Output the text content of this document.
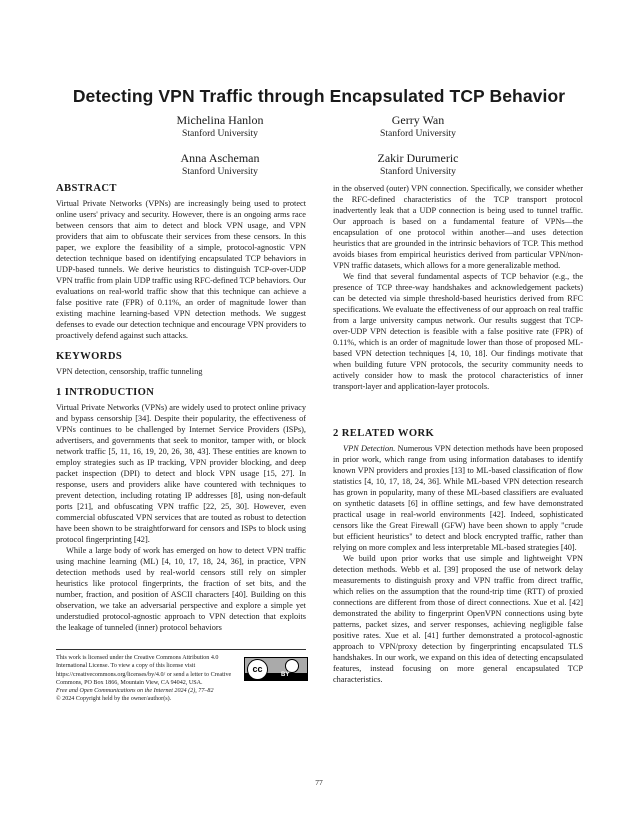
Detecting VPN Traffic through Encapsulated TCP Behavior
Michelina Hanlon
Stanford University
Gerry Wan
Stanford University
Anna Ascheman
Stanford University
Zakir Durumeric
Stanford University
ABSTRACT

Virtual Private Networks (VPNs) are increasingly being used to protect online users' privacy and security. However, there is an ongoing arms race between censors that aim to detect and block VPN usage, and VPN providers that aim to obfuscate their services from these censors. In this paper, we explore the feasibility of a simple, protocol-agnostic VPN detection technique based on identifying encapsulated TCP behaviors in UDP-based tunnels. We derive heuristics to distinguish TCP-over-UDP VPN traffic from plain UDP traffic using RFC-defined TCP behaviors. Our evaluations on real-world traffic show that this technique can achieve a false positive rate (FPR) of 0.11%, an order of magnitude lower than existing machine learning-based VPN detection methods. We suggest defenses to evade our detection technique and encourage VPN providers to proactively defend against such attacks.

KEYWORDS

VPN detection, censorship, traffic tunneling

1 INTRODUCTION

Virtual Private Networks (VPNs) are widely used to protect online privacy and bypass censorship [34]. Despite their popularity, the effectiveness of VPNs continues to be challenged by Internet Service Providers (ISPs), advertisers, and governments that seek to monitor, tamper with, or block network traffic [5, 11, 16, 19, 20, 26, 38, 43]. These entities are known to employ strategies such as IP tracking, VPN provider blocking, and deep packet inspection (DPI) to detect and block VPN usage [15, 27]. In response, users and providers alike have countered with techniques to prevent detection, including rotating IP addresses [8], using non-default ports [21], and obfuscating VPN traffic [22, 25, 30]. However, even commercial obfuscated VPN services that are touted as robust to detection have been shown to be straightforward for censors and ISPs to block using protocol fingerprinting [42].

While a large body of work has emerged on how to detect VPN traffic using machine learning (ML) [4, 10, 17, 18, 24, 36], in practice, VPN detection methods used by real-world censors still rely on simpler heuristics like protocol fingerprints, the fraction of set bits, and the number, fraction, and position of ASCII characters [40]. Building on this observation, we take an adversarial perspective and explore a simple yet understudied protocol-agnostic approach to VPN detection that exploits the leakage of tunneled (inner) protocol behaviors

in the observed (outer) VPN connection. Specifically, we consider whether the RFC-defined characteristics of the TCP transport protocol inadvertently leak that a UDP connection is being used to tunnel traffic. Our approach is based on a fundamental feature of VPNs—the encapsulation of one protocol within another—and uses detection heuristics that are grounded in the intrinsic behaviors of TCP. This method avoids biases from empirical heuristics derived from particular VPN/non-VPN traffic datasets, which allows for a more generalizable method.

We find that several fundamental aspects of TCP behavior (e.g., the presence of TCP three-way handshakes and acknowledgement packets) can be detected via simple threshold-based heuristics derived from RFC specifications. We evaluate the effectiveness of our approach on real traffic from a large university campus network. Our results suggest that TCP-over-UDP VPN detection is feasible with a false positive rate (FPR) of 0.11%, which is an order of magnitude lower than those of proposed ML-based VPN detection techniques [4, 10, 18]. Our findings motivate that when building future VPN protocols, the security community needs to actively consider how to mask the protocol characteristics of inner transport-layer and application-layer protocols.

2 RELATED WORK

VPN Detection. Numerous VPN detection methods have been proposed in prior work, which range from using information databases to identify known VPN providers and proxies [13] to ML-based classification of flow statistics [4, 10, 17, 18, 24, 36]. While ML-based VPN detection research has grown in popularity, many of these ML-based classifiers are evaluated on synthetic datasets [6] in offline settings, and few have demonstrated practical usage in real-world environments [42]. Indeed, sophisticated censors like the Great Firewall (GFW) have been shown to apply "crude but efficient heuristics" to detect and block encrypted traffic, rather than relying on more complex and less interpretable ML-based strategies [40].

We build upon prior works that use simple and lightweight VPN detection methods. Webb et al. [39] proposed the use of network delay measurements to distinguish proxy and VPN traffic from direct traffic, which relies on the assumption that the round-trip time (RTT) of proxied connections are different from those of direct connections. Xue et al. [42] demonstrated the ability to fingerprint OpenVPN connections using byte patterns, packet sizes, and server responses, achieving negligible false positive rates. Xue et al. [41] further demonstrated a protocol-agnostic approach to VPN/proxy detection by fingerprinting encapsulated TLS handshakes. In our work, we expand on this idea of detecting encapsulated features, instead focusing on more general encapsulated TCP characteristics.

This work is licensed under the Creative Commons Attribution 4.0 International License. To view a copy of this license visit https://creativecommons.org/licenses/by/4.0/ or send a letter to Creative Commons, PO Box 1866, Mountain View, CA 94042, USA.

Free and Open Communications on the Internet 2024 (2), 77–82

© 2024 Copyright held by the owner/author(s).

cc
BY
77
